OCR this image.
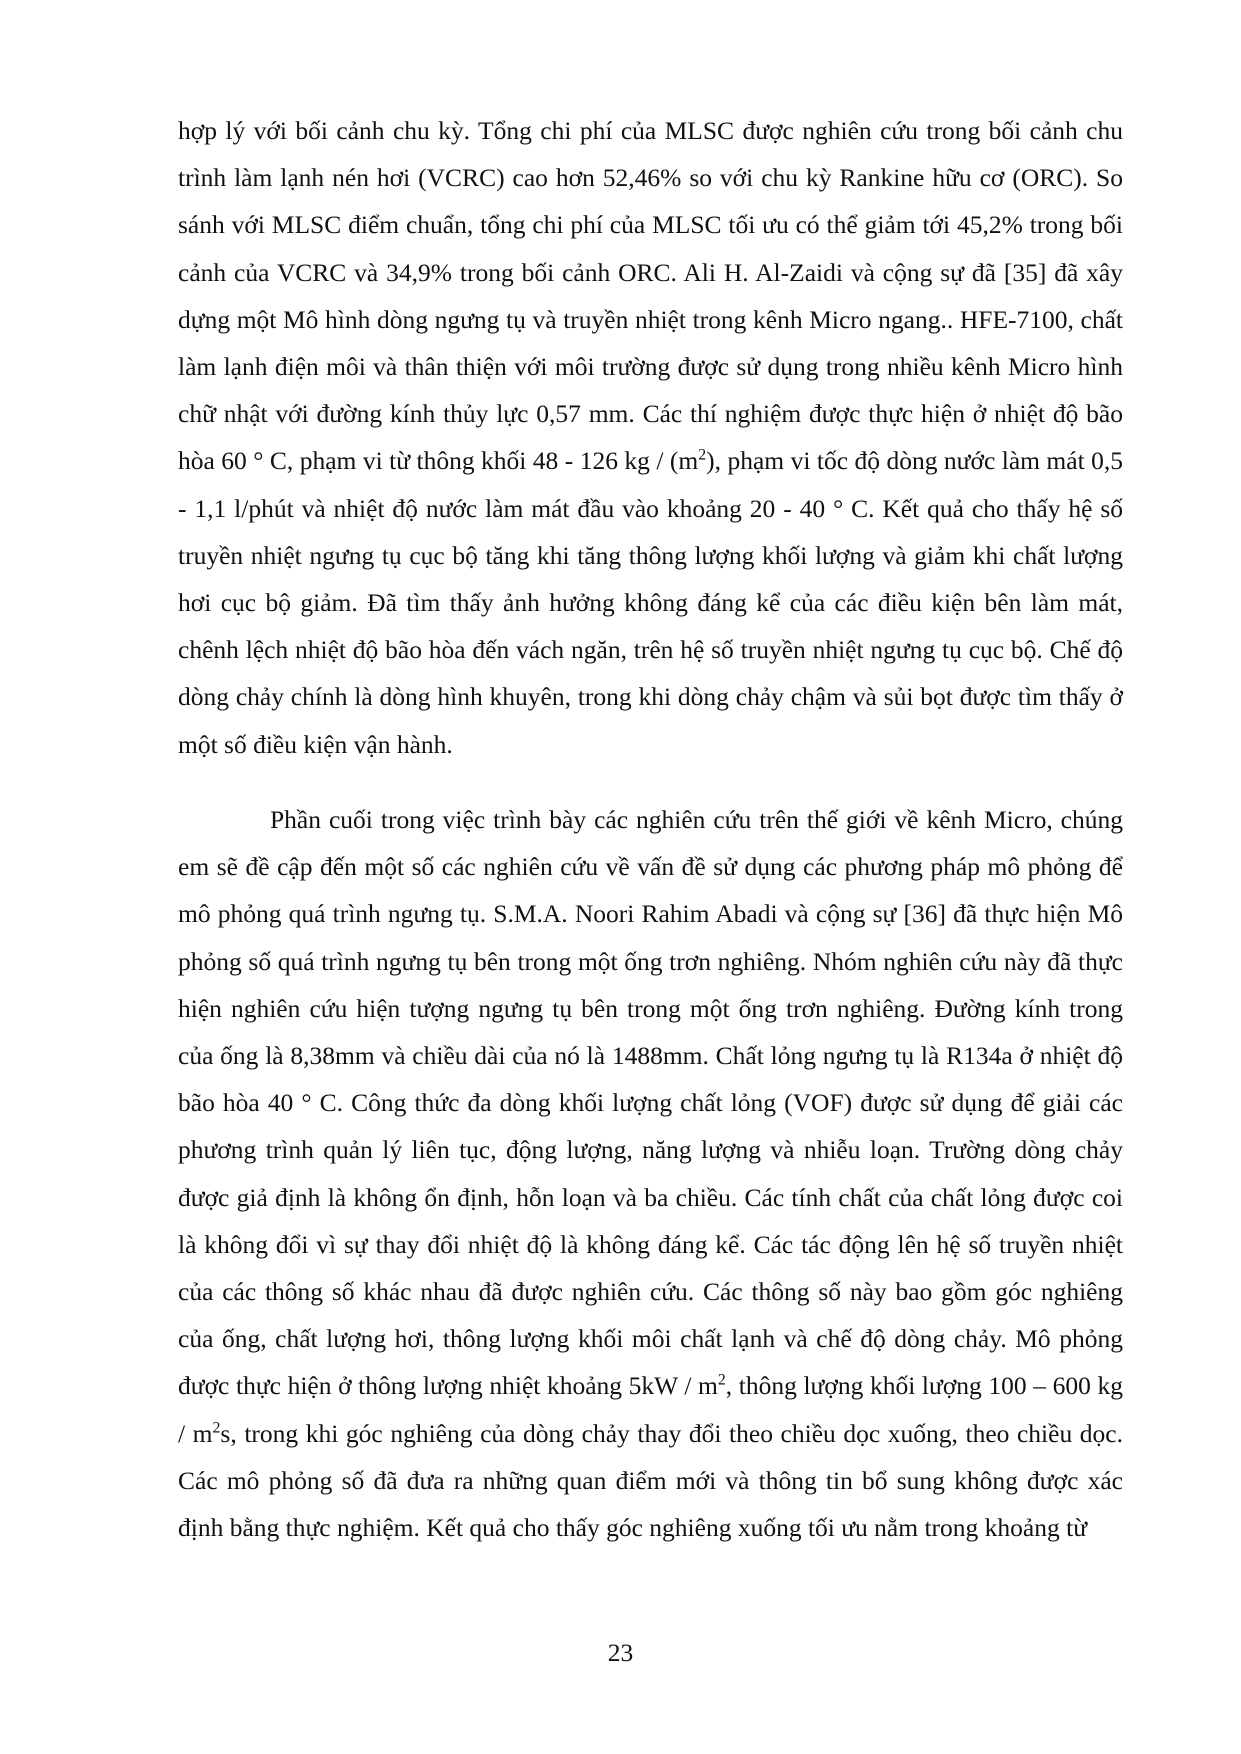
hợp lý với bối cảnh chu kỳ. Tổng chi phí của MLSC được nghiên cứu trong bối cảnh chu trình làm lạnh nén hơi (VCRC) cao hơn 52,46% so với chu kỳ Rankine hữu cơ (ORC). So sánh với MLSC điểm chuẩn, tổng chi phí của MLSC tối ưu có thể giảm tới 45,2% trong bối cảnh của VCRC và 34,9% trong bối cảnh ORC. Ali H. Al-Zaidi và cộng sự đã [35] đã xây dựng một Mô hình dòng ngưng tụ và truyền nhiệt trong kênh Micro ngang.. HFE-7100, chất làm lạnh điện môi và thân thiện với môi trường được sử dụng trong nhiều kênh Micro hình chữ nhật với đường kính thủy lực 0,57 mm. Các thí nghiệm được thực hiện ở nhiệt độ bão hòa 60 ° C, phạm vi từ thông khối 48 - 126 kg / $(m^2)$, phạm vi tốc độ dòng nước làm mát 0,5 - 1,1 l/phút và nhiệt độ nước làm mát đầu vào khoảng 20 - 40 ° C. Kết quả cho thấy hệ số truyền nhiệt ngưng tụ cục bộ tăng khi tăng thông lượng khối lượng và giảm khi chất lượng hơi cục bộ giảm. Đã tìm thấy ảnh hưởng không đáng kể của các điều kiện bên làm mát, chênh lệch nhiệt độ bão hòa đến vách ngăn, trên hệ số truyền nhiệt ngưng tụ cục bộ. Chế độ dòng chảy chính là dòng hình khuyên, trong khi dòng chảy chậm và sủi bọt được tìm thấy ở một số điều kiện vận hành.

Phần cuối trong việc trình bày các nghiên cứu trên thế giới về kênh Micro, chúng em sẽ đề cập đến một số các nghiên cứu về vấn đề sử dụng các phương pháp mô phỏng để mô phỏng quá trình ngưng tụ. S.M.A. Noori Rahim Abadi và cộng sự [36] đã thực hiện Mô phỏng số quá trình ngưng tụ bên trong một ống trơn nghiêng. Nhóm nghiên cứu này đã thực hiện nghiên cứu hiện tượng ngưng tụ bên trong một ống trơn nghiêng. Đường kính trong của ống là 8,38mm và chiều dài của nó là 1488mm. Chất lỏng ngưng tụ là R134a ở nhiệt độ bão hòa 40 ° C. Công thức đa dòng khối lượng chất lỏng (VOF) được sử dụng để giải các phương trình quản lý liên tục, động lượng, năng lượng và nhiễu loạn. Trường dòng chảy được giả định là không ổn định, hỗn loạn và ba chiều. Các tính chất của chất lỏng được coi là không đổi vì sự thay đổi nhiệt độ là không đáng kể. Các tác động lên hệ số truyền nhiệt của các thông số khác nhau đã được nghiên cứu. Các thông số này bao gồm góc nghiêng của ống, chất lượng hơi, thông lượng khối môi chất lạnh và chế độ dòng chảy. Mô phỏng được thực hiện ở thông lượng nhiệt khoảng $5kW / m^2$, thông lượng khối lượng 100 – 600 kg / $m^2s$, trong khi góc nghiêng của dòng chảy thay đổi theo chiều dọc xuống, theo chiều dọc. Các mô phỏng số đã đưa ra những quan điểm mới và thông tin bổ sung không được xác định bằng thực nghiệm. Kết quả cho thấy góc nghiêng xuống tối ưu nằm trong khoảng từ

23
